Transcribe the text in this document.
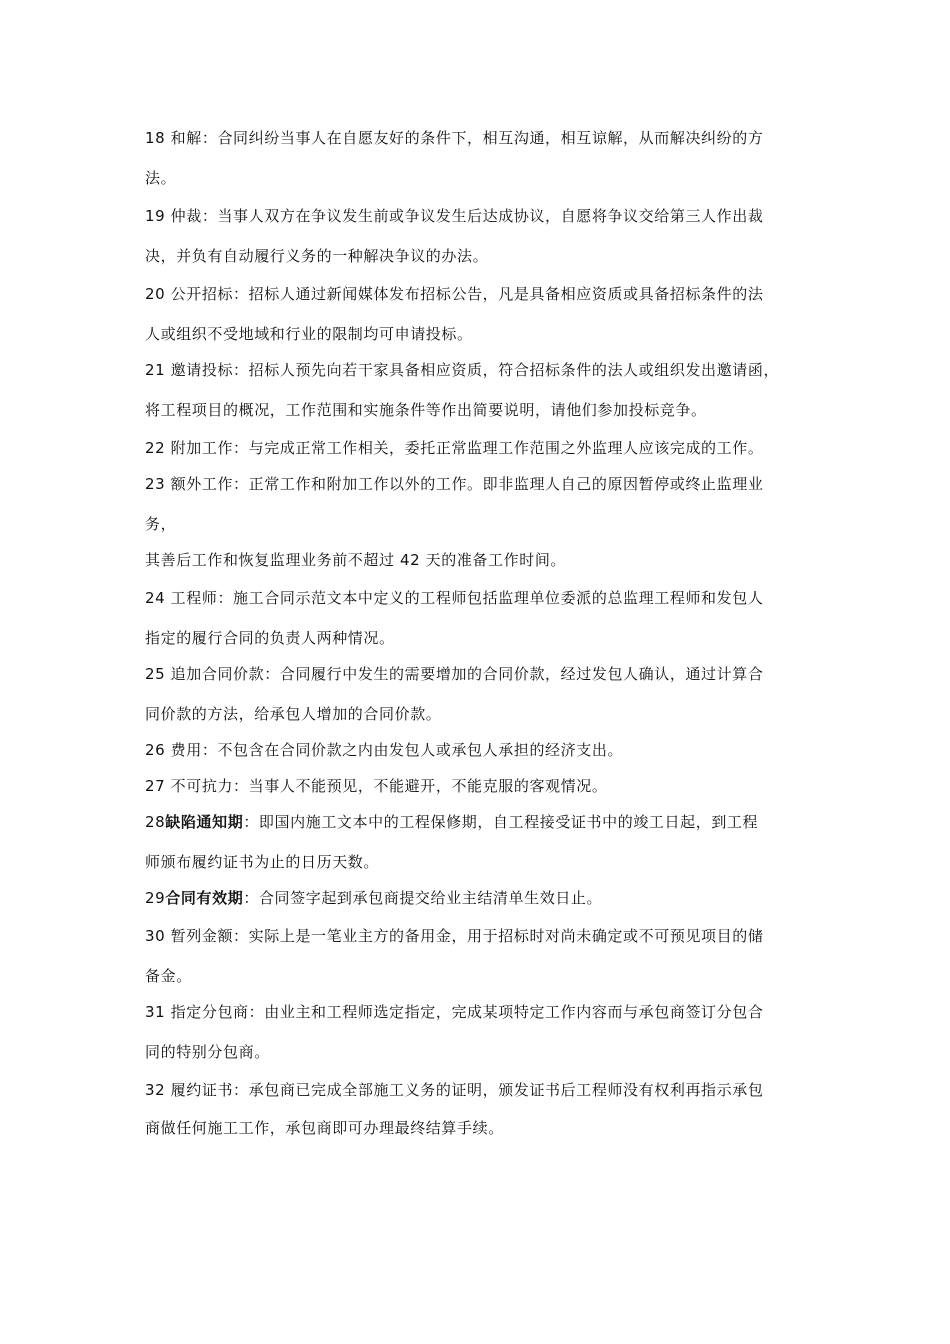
18 和解：合同纠纷当事人在自愿友好的条件下，相互沟通，相互谅解，从而解决纠纷的方
法。
19 仲裁：当事人双方在争议发生前或争议发生后达成协议，自愿将争议交给第三人作出裁
决，并负有自动履行义务的一种解决争议的办法。
20 公开招标：招标人通过新闻媒体发布招标公告，凡是具备相应资质或具备招标条件的法
人或组织不受地域和行业的限制均可申请投标。
21 邀请投标：招标人预先向若干家具备相应资质，符合招标条件的法人或组织发出邀请函，
将工程项目的概况，工作范围和实施条件等作出简要说明，请他们参加投标竞争。
22 附加工作：与完成正常工作相关，委托正常监理工作范围之外监理人应该完成的工作。
23 额外工作：正常工作和附加工作以外的工作。即非监理人自己的原因暂停或终止监理业
务，
其善后工作和恢复监理业务前不超过 42 天的准备工作时间。
24 工程师：施工合同示范文本中定义的工程师包括监理单位委派的总监理工程师和发包人
指定的履行合同的负责人两种情况。
25 追加合同价款：合同履行中发生的需要增加的合同价款，经过发包人确认，通过计算合
同价款的方法，给承包人增加的合同价款。
26 费用：不包含在合同价款之内由发包人或承包人承担的经济支出。
27 不可抗力：当事人不能预见，不能避开，不能克服的客观情况。
28缺陷通知期：即国内施工文本中的工程保修期，自工程接受证书中的竣工日起，到工程
师颁布履约证书为止的日历天数。
29合同有效期：合同签字起到承包商提交给业主结清单生效日止。
30 暂列金额：实际上是一笔业主方的备用金，用于招标时对尚未确定或不可预见项目的储
备金。
31 指定分包商：由业主和工程师选定指定，完成某项特定工作内容而与承包商签订分包合
同的特别分包商。
32 履约证书：承包商已完成全部施工义务的证明，颁发证书后工程师没有权利再指示承包
商做任何施工工作，承包商即可办理最终结算手续。
